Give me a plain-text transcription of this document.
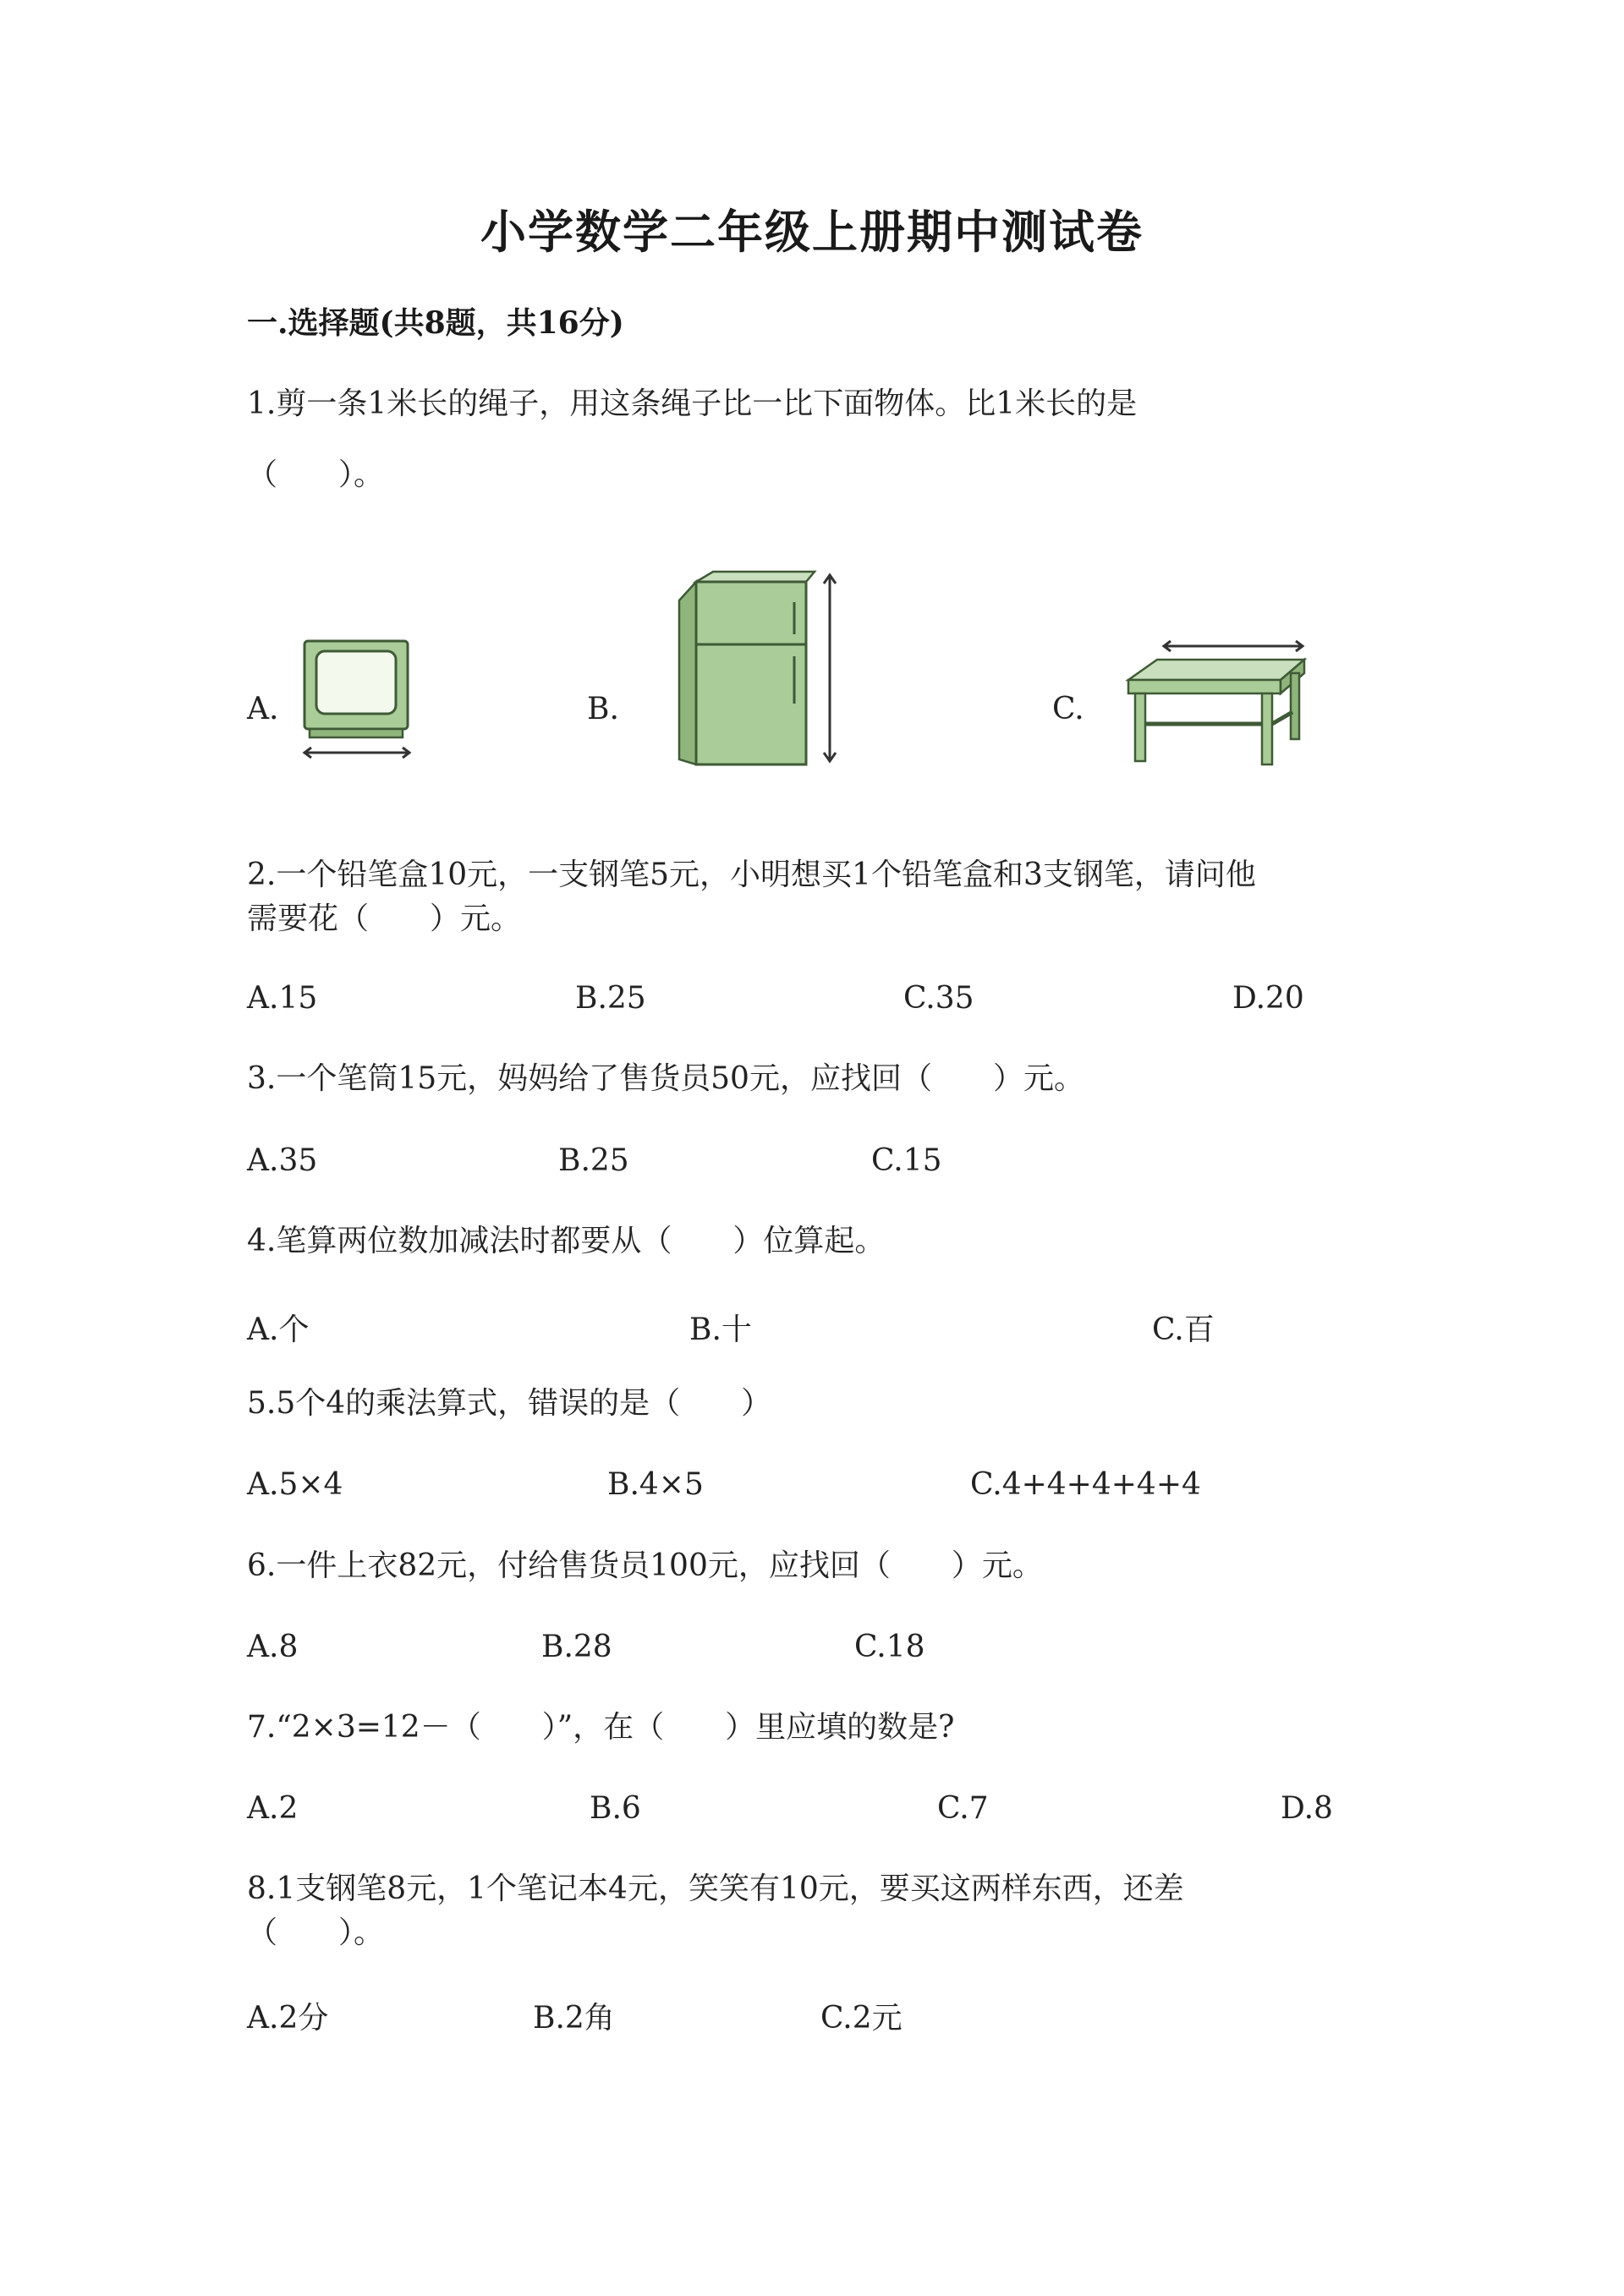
小学数学二年级上册期中测试卷
一.选择题(共8题，共16分)
1.剪一条1米长的绳子，用这条绳子比一比下面物体。比1米长的是
（　　）。
A.	B.	C.
2.一个铅笔盒10元，一支钢笔5元，小明想买1个铅笔盒和3支钢笔，请问他
需要花（　　）元。
A.15	B.25	C.35	D.20
3.一个笔筒15元，妈妈给了售货员50元，应找回（　　）元。
A.35	B.25	C.15
4.笔算两位数加减法时都要从（　　）位算起。
A.个	B.十	C.百
5.5个4的乘法算式，错误的是（　　）
A.5×4	B.4×5	C.4+4+4+4+4
6.一件上衣82元，付给售货员100元，应找回（　　）元。
A.8	B.28	C.18
7.“2×3=12－（　　）”，在（　　）里应填的数是?
A.2	B.6	C.7	D.8
8.1支钢笔8元，1个笔记本4元，笑笑有10元，要买这两样东西，还差
（　　）。
A.2分	B.2角	C.2元
